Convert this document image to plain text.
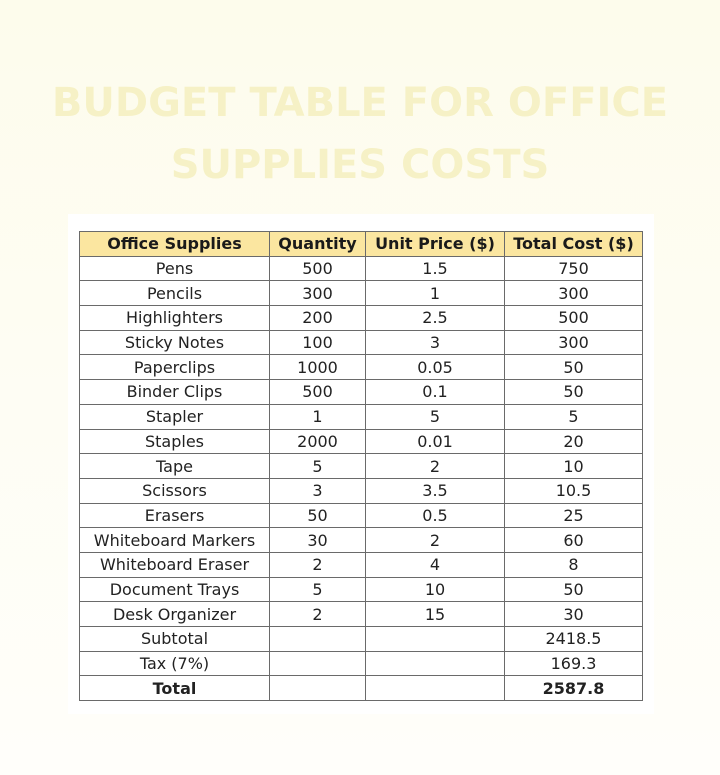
BUDGET TABLE FOR OFFICE
SUPPLIES COSTS
Office Supplies	Quantity	Unit Price ($)	Total Cost ($)
Pens	500	1.5	750
Pencils	300	1	300
Highlighters	200	2.5	500
Sticky Notes	100	3	300
Paperclips	1000	0.05	50
Binder Clips	500	0.1	50
Stapler	1	5	5
Staples	2000	0.01	20
Tape	5	2	10
Scissors	3	3.5	10.5
Erasers	50	0.5	25
Whiteboard Markers	30	2	60
Whiteboard Eraser	2	4	8
Document Trays	5	10	50
Desk Organizer	2	15	30
Subtotal			2418.5
Tax (7%)			169.3
Total			2587.8
